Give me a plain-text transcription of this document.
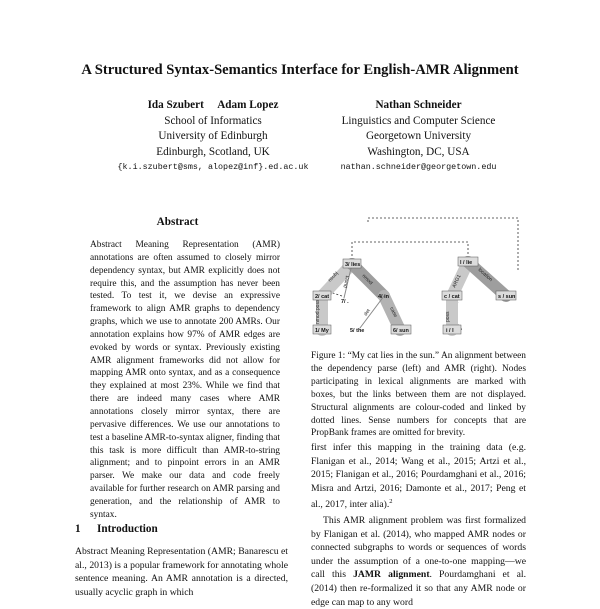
A Structured Syntax-Semantics Interface for English-AMR Alignment
Ida Szubert     Adam Lopez
School of Informatics
University of Edinburgh
Edinburgh, Scotland, UK
{k.i.szubert@sms, alopez@inf}.ed.ac.uk
Nathan Schneider
Linguistics and Computer Science
Georgetown University
Washington, DC, USA
nathan.schneider@georgetown.edu
Abstract
Abstract Meaning Representation (AMR) annotations are often assumed to closely mirror dependency syntax, but AMR explicitly does not require this, and the assumption has never been tested. To test it, we devise an expressive framework to align AMR graphs to dependency graphs, which we use to annotate 200 AMRs. Our annotation explains how 97% of AMR edges are evoked by words or syntax. Previously existing AMR alignment frameworks did not allow for mapping AMR onto syntax, and as a consequence they explained at most 23%. While we find that there are indeed many cases where AMR annotations closely mirror syntax, there are pervasive differences. We use our annotations to test a baseline AMR-to-syntax aligner, finding that this task is more difficult than AMR-to-string alignment; and to pinpoint errors in an AMR parser. We make our data and code freely available for further research on AMR parsing and generation, and the relationship of AMR to syntax.
1 Introduction
Abstract Meaning Representation (AMR; Banarescu et al., 2013) is a popular framework for annotating whole sentence meaning. An AMR annotation is a directed, usually acyclic graph in which
nsubj	nmod
punct
nmod:poss	case
det
3/ lies
2/ cat	4/ in
1/ My	6/ sun
5/ the
7/ .
ARG1	location
poss
l / lie
c / cat	s / sun
i / I
Figure 1: “My cat lies in the sun.” An alignment between the dependency parse (left) and AMR (right). Nodes participating in lexical alignments are marked with boxes, but the links between them are not displayed. Structural alignments are colour-coded and linked by dotted lines. Sense numbers for concepts that are PropBank frames are omitted for brevity.
first infer this mapping in the training data (e.g. Flanigan et al., 2014; Wang et al., 2015; Artzi et al., 2015; Flanigan et al., 2016; Pourdamghani et al., 2016; Misra and Artzi, 2016; Damonte et al., 2017; Peng et al., 2017, inter alia).$^2$

This AMR alignment problem was first formalized by Flanigan et al. (2014), who mapped AMR nodes or connected subgraphs to words or sequences of words under the assumption of a one-to-one mapping—we call this JAMR alignment. Pourdamghani et al. (2014) then re-formalized it so that any AMR node or edge can map to any word
